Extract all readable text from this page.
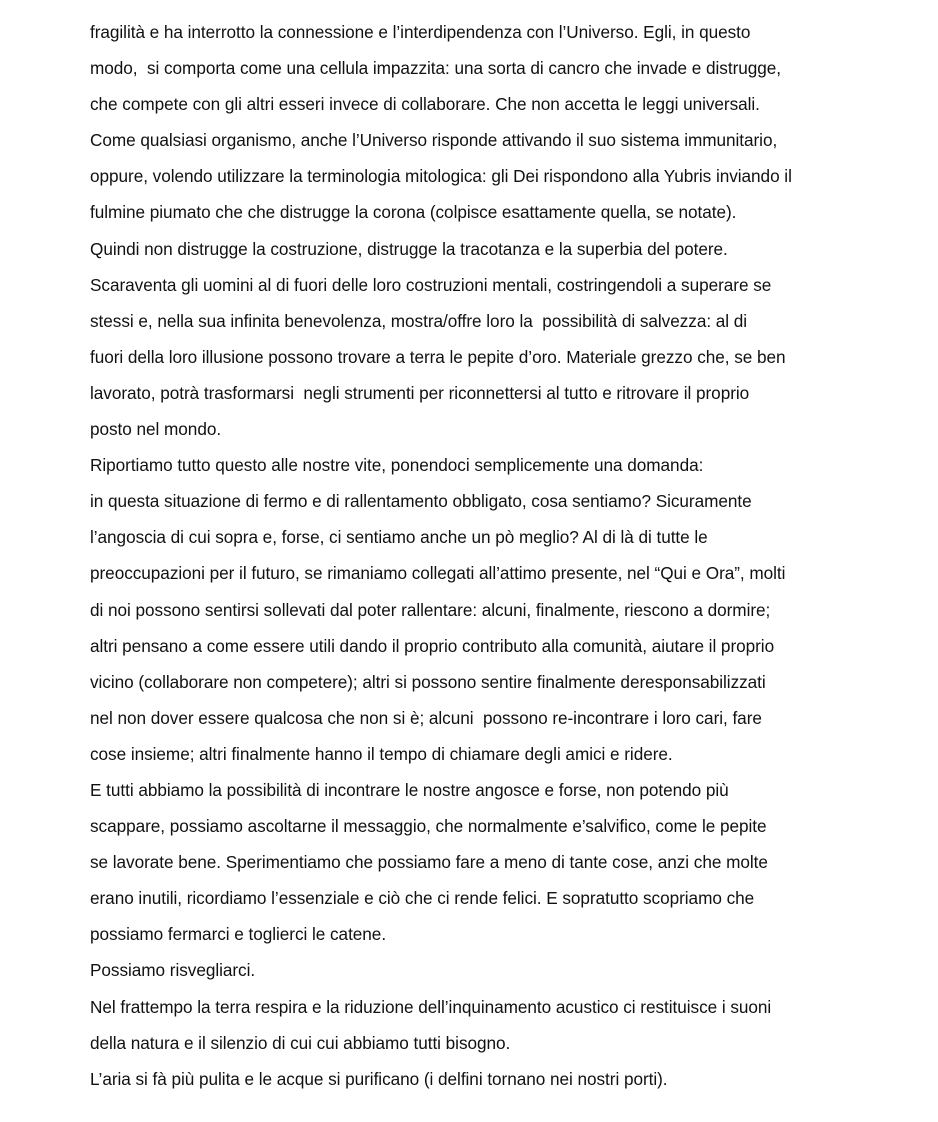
fragilità e ha interrotto la connessione e l’interdipendenza con l’Universo. Egli, in questo

modo,  si comporta come una cellula impazzita: una sorta di cancro che invade e distrugge,

che compete con gli altri esseri invece di collaborare. Che non accetta le leggi universali.

Come qualsiasi organismo, anche l’Universo risponde attivando il suo sistema immunitario,

oppure, volendo utilizzare la terminologia mitologica: gli Dei rispondono alla Yubris inviando il

fulmine piumato che che distrugge la corona (colpisce esattamente quella, se notate).

Quindi non distrugge la costruzione, distrugge la tracotanza e la superbia del potere.

Scaraventa gli uomini al di fuori delle loro costruzioni mentali, costringendoli a superare se

stessi e, nella sua infinita benevolenza, mostra/offre loro la  possibilità di salvezza: al di

fuori della loro illusione possono trovare a terra le pepite d’oro. Materiale grezzo che, se ben

lavorato, potrà trasformarsi  negli strumenti per riconnettersi al tutto e ritrovare il proprio

posto nel mondo.

Riportiamo tutto questo alle nostre vite, ponendoci semplicemente una domanda:

in questa situazione di fermo e di rallentamento obbligato, cosa sentiamo? Sicuramente

l’angoscia di cui sopra e, forse, ci sentiamo anche un pò meglio? Al di là di tutte le

preoccupazioni per il futuro, se rimaniamo collegati all’attimo presente, nel “Qui e Ora”, molti

di noi possono sentirsi sollevati dal poter rallentare: alcuni, finalmente, riescono a dormire;

altri pensano a come essere utili dando il proprio contributo alla comunità, aiutare il proprio

vicino (collaborare non competere); altri si possono sentire finalmente deresponsabilizzati

nel non dover essere qualcosa che non si è; alcuni  possono re-incontrare i loro cari, fare

cose insieme; altri finalmente hanno il tempo di chiamare degli amici e ridere.

E tutti abbiamo la possibilità di incontrare le nostre angosce e forse, non potendo più

scappare, possiamo ascoltarne il messaggio, che normalmente e’salvifico, come le pepite

se lavorate bene. Sperimentiamo che possiamo fare a meno di tante cose, anzi che molte

erano inutili, ricordiamo l’essenziale e ciò che ci rende felici. E sopratutto scopriamo che

possiamo fermarci e toglierci le catene.

Possiamo risvegliarci.

Nel frattempo la terra respira e la riduzione dell’inquinamento acustico ci restituisce i suoni

della natura e il silenzio di cui cui abbiamo tutti bisogno.

L’aria si fà più pulita e le acque si purificano (i delfini tornano nei nostri porti).
